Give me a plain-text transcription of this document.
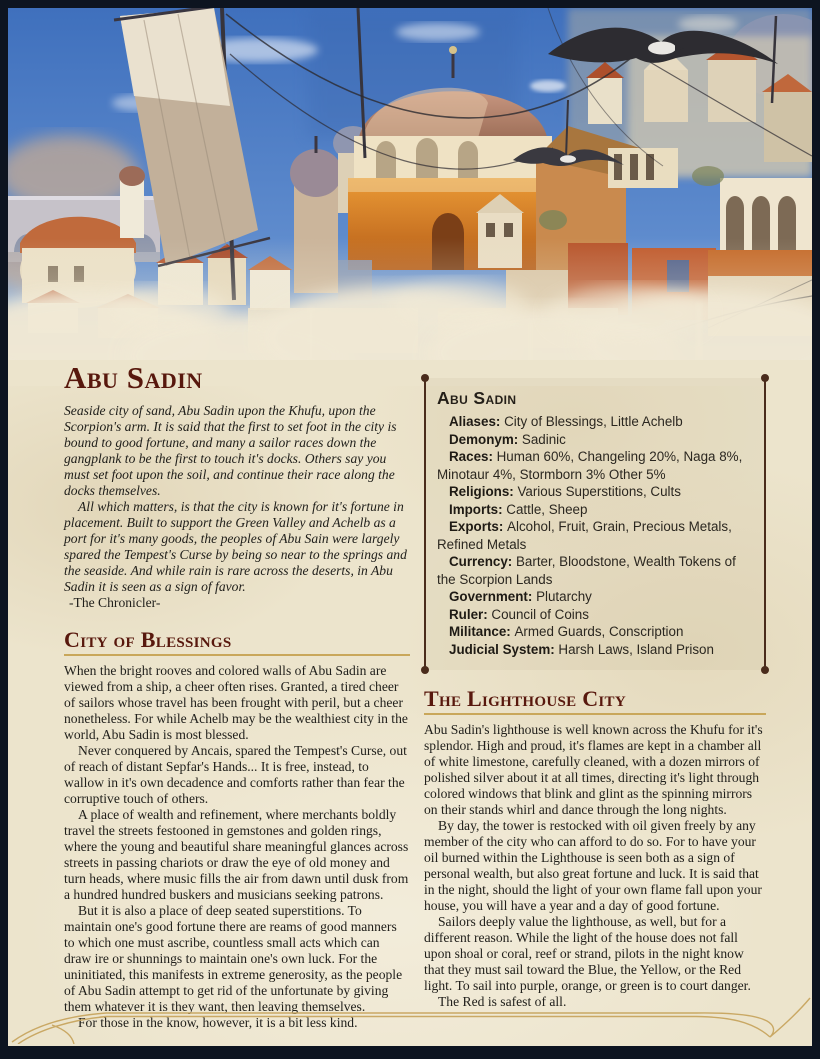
Abu Sadin

Seaside city of sand, Abu Sadin upon the Khufu, upon the Scorpion's arm. It is said that the first to set foot in the city is bound to good fortune, and many a sailor races down the gangplank to be the first to touch it's docks. Others say you must set foot upon the soil, and continue their race along the docks themselves.

All which matters, is that the city is known for it's fortune in placement. Built to support the Green Valley and Achelb as a port for it's many goods, the peoples of Abu Sain were largely spared the Tempest's Curse by being so near to the springs and the seaside. And while rain is rare across the deserts, in Abu Sadin it is seen as a sign of favor.

-The Chronicler-

City of Blessings

When the bright rooves and colored walls of Abu Sadin are viewed from a ship, a cheer often rises. Granted, a tired cheer of sailors whose travel has been frought with peril, but a cheer nonetheless. For while Achelb may be the wealthiest city in the world, Abu Sadin is most blessed.

Never conquered by Ancais, spared the Tempest's Curse, out of reach of distant Sepfar's Hands... It is free, instead, to wallow in it's own decadence and comforts rather than fear the corruptive touch of others.

A place of wealth and refinement, where merchants boldly travel the streets festooned in gemstones and golden rings, where the young and beautiful share meaningful glances across streets in passing chariots or draw the eye of old money and turn heads, where music fills the air from dawn until dusk from a hundred hundred buskers and musicians seeking patrons.

But it is also a place of deep seated superstitions. To maintain one's good fortune there are reams of good manners to which one must ascribe, countless small acts which can draw ire or shunnings to maintain one's own luck. For the uninitiated, this manifests in extreme generosity, as the people of Abu Sadin attempt to get rid of the unfortunate by giving them whatever it is they want, then leaving themselves.

For those in the know, however, it is a bit less kind.

Abu Sadin

Aliases: City of Blessings, Little Achelb

Demonym: Sadinic

Races: Human 60%, Changeling 20%, Naga 8%, Minotaur 4%, Stormborn 3% Other 5%

Religions: Various Superstitions, Cults

Imports: Cattle, Sheep

Exports: Alcohol, Fruit, Grain, Precious Metals, Refined Metals

Currency: Barter, Bloodstone, Wealth Tokens of the Scorpion Lands

Government: Plutarchy

Ruler: Council of Coins

Militance: Armed Guards, Conscription

Judicial System: Harsh Laws, Island Prison

The Lighthouse City

Abu Sadin's lighthouse is well known across the Khufu for it's splendor. High and proud, it's flames are kept in a chamber all of white limestone, carefully cleaned, with a dozen mirrors of polished silver about it at all times, directing it's light through colored windows that blink and glint as the spinning mirrors on their stands whirl and dance through the long nights.

By day, the tower is restocked with oil given freely by any member of the city who can afford to do so. For to have your oil burned within the Lighthouse is seen both as a sign of personal wealth, but also great fortune and luck. It is said that in the night, should the light of your own flame fall upon your house, you will have a year and a day of good fortune.

Sailors deeply value the lighthouse, as well, but for a different reason. While the light of the house does not fall upon shoal or coral, reef or strand, pilots in the night know that they must sail toward the Blue, the Yellow, or the Red light. To sail into purple, orange, or green is to court danger.

The Red is safest of all.
